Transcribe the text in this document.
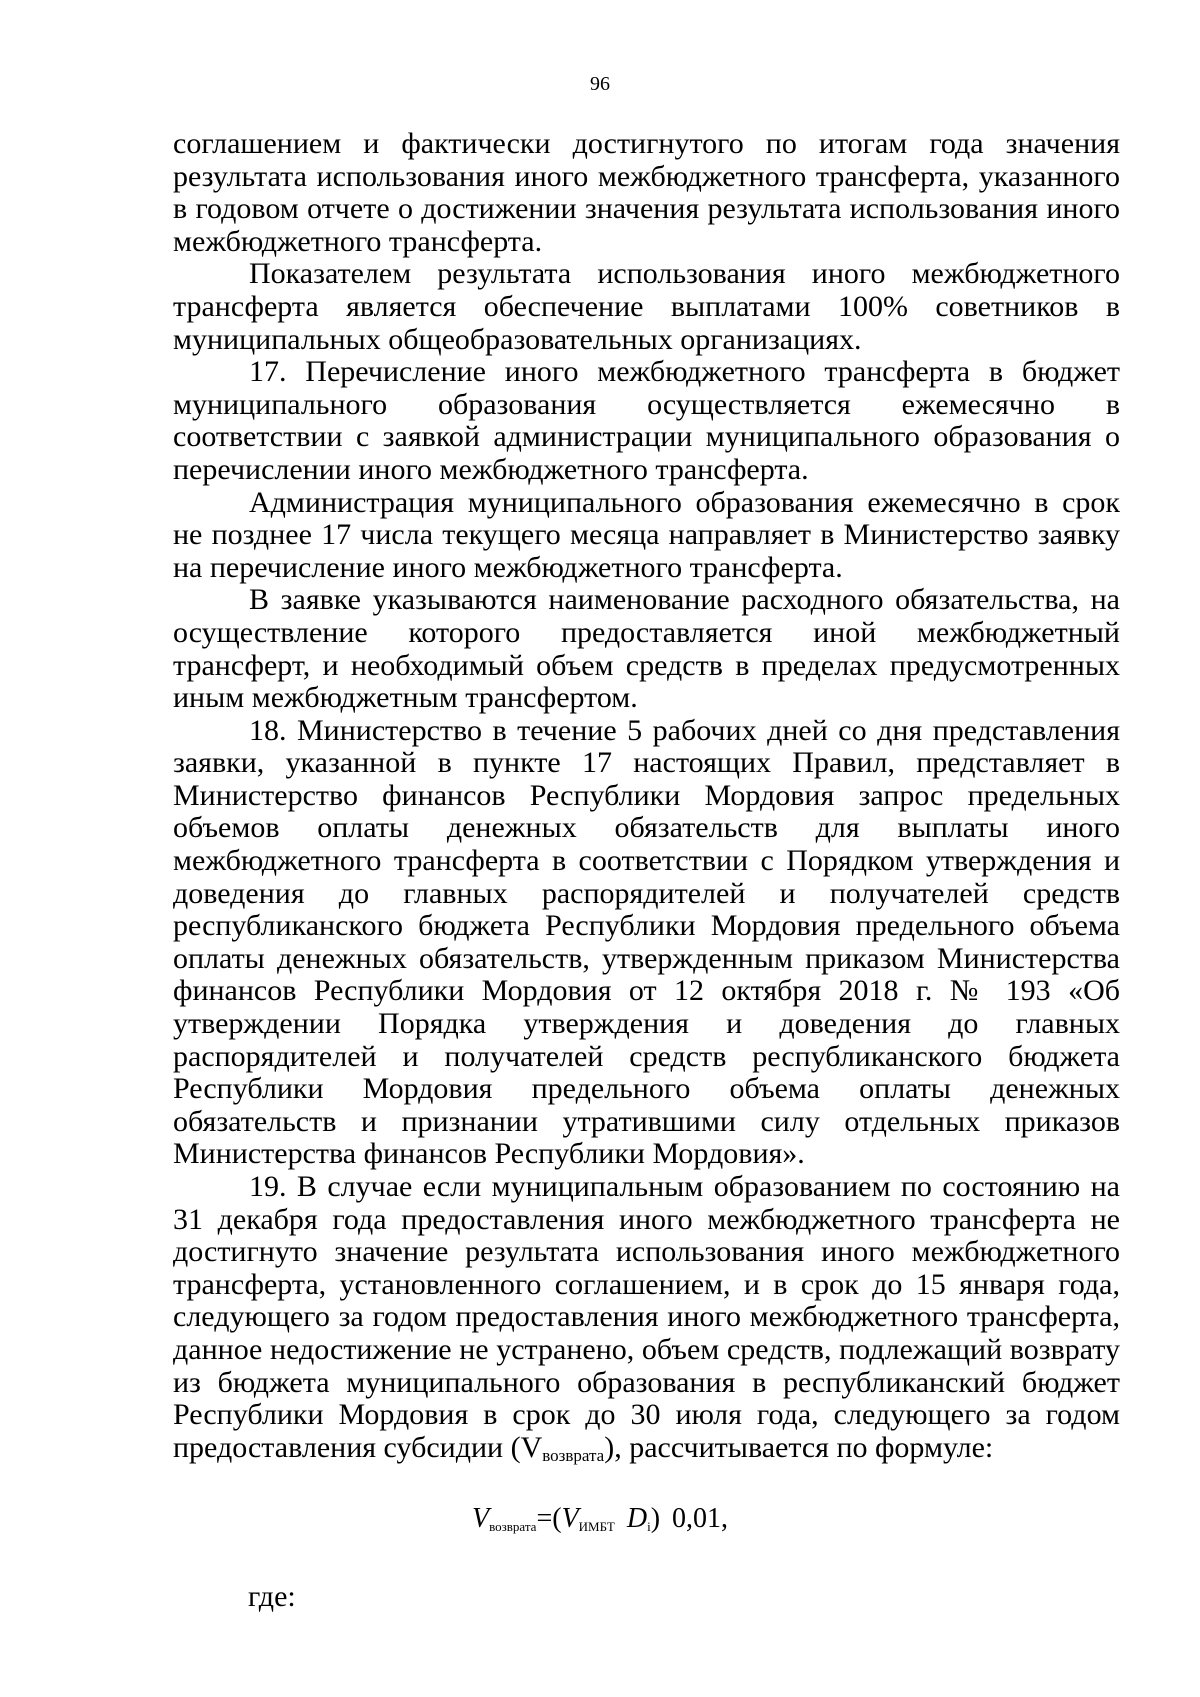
96

соглашением и фактически достигнутого по итогам года значения результата использования иного межбюджетного трансферта, указанного в годовом отчете о достижении значения результата использования иного межбюджетного трансферта.

Показателем результата использования иного межбюджетного трансферта является обеспечение выплатами 100% советников в муниципальных общеобразовательных организациях.

17. Перечисление иного межбюджетного трансферта в бюджет муниципального образования осуществляется ежемесячно в соответствии с заявкой администрации муниципального образования о перечислении иного межбюджетного трансферта.

Администрация муниципального образования ежемесячно в срок не позднее 17 числа текущего месяца направляет в Министерство заявку на перечисление иного межбюджетного трансферта.

В заявке указываются наименование расходного обязательства, на осуществление которого предоставляется иной межбюджетный трансферт, и необходимый объем средств в пределах предусмотренных иным межбюджетным трансфертом.

18. Министерство в течение 5 рабочих дней со дня представления заявки, указанной в пункте 17 настоящих Правил, представляет в Министерство финансов Республики Мордовия запрос предельных объемов оплаты денежных обязательств для выплаты иного межбюджетного трансферта в соответствии с Порядком утверждения и доведения до главных распорядителей и получателей средств республиканского бюджета Республики Мордовия предельного объема оплаты денежных обязательств, утвержденным приказом Министерства финансов Республики Мордовия от 12 октября 2018 г. № 193 «Об утверждении Порядка утверждения и доведения до главных распорядителей и получателей средств республиканского бюджета Республики Мордовия предельного объема оплаты денежных обязательств и признании утратившими силу отдельных приказов Министерства финансов Республики Мордовия».

19. В случае если муниципальным образованием по состоянию на 31 декабря года предоставления иного межбюджетного трансферта не достигнуто значение результата использования иного межбюджетного трансферта, установленного соглашением, и в срок до 15 января года, следующего за годом предоставления иного межбюджетного трансферта, данное недостижение не устранено, объем средств, подлежащий возврату из бюджета муниципального образования в республиканский бюджет Республики Мордовия в срок до 30 июля года, следующего за годом предоставления субсидии (Vвозврата), рассчитывается по формуле:

$V_{возврата}=(V_{ИМБТ}$ $D_i$) 0,01,
где:
